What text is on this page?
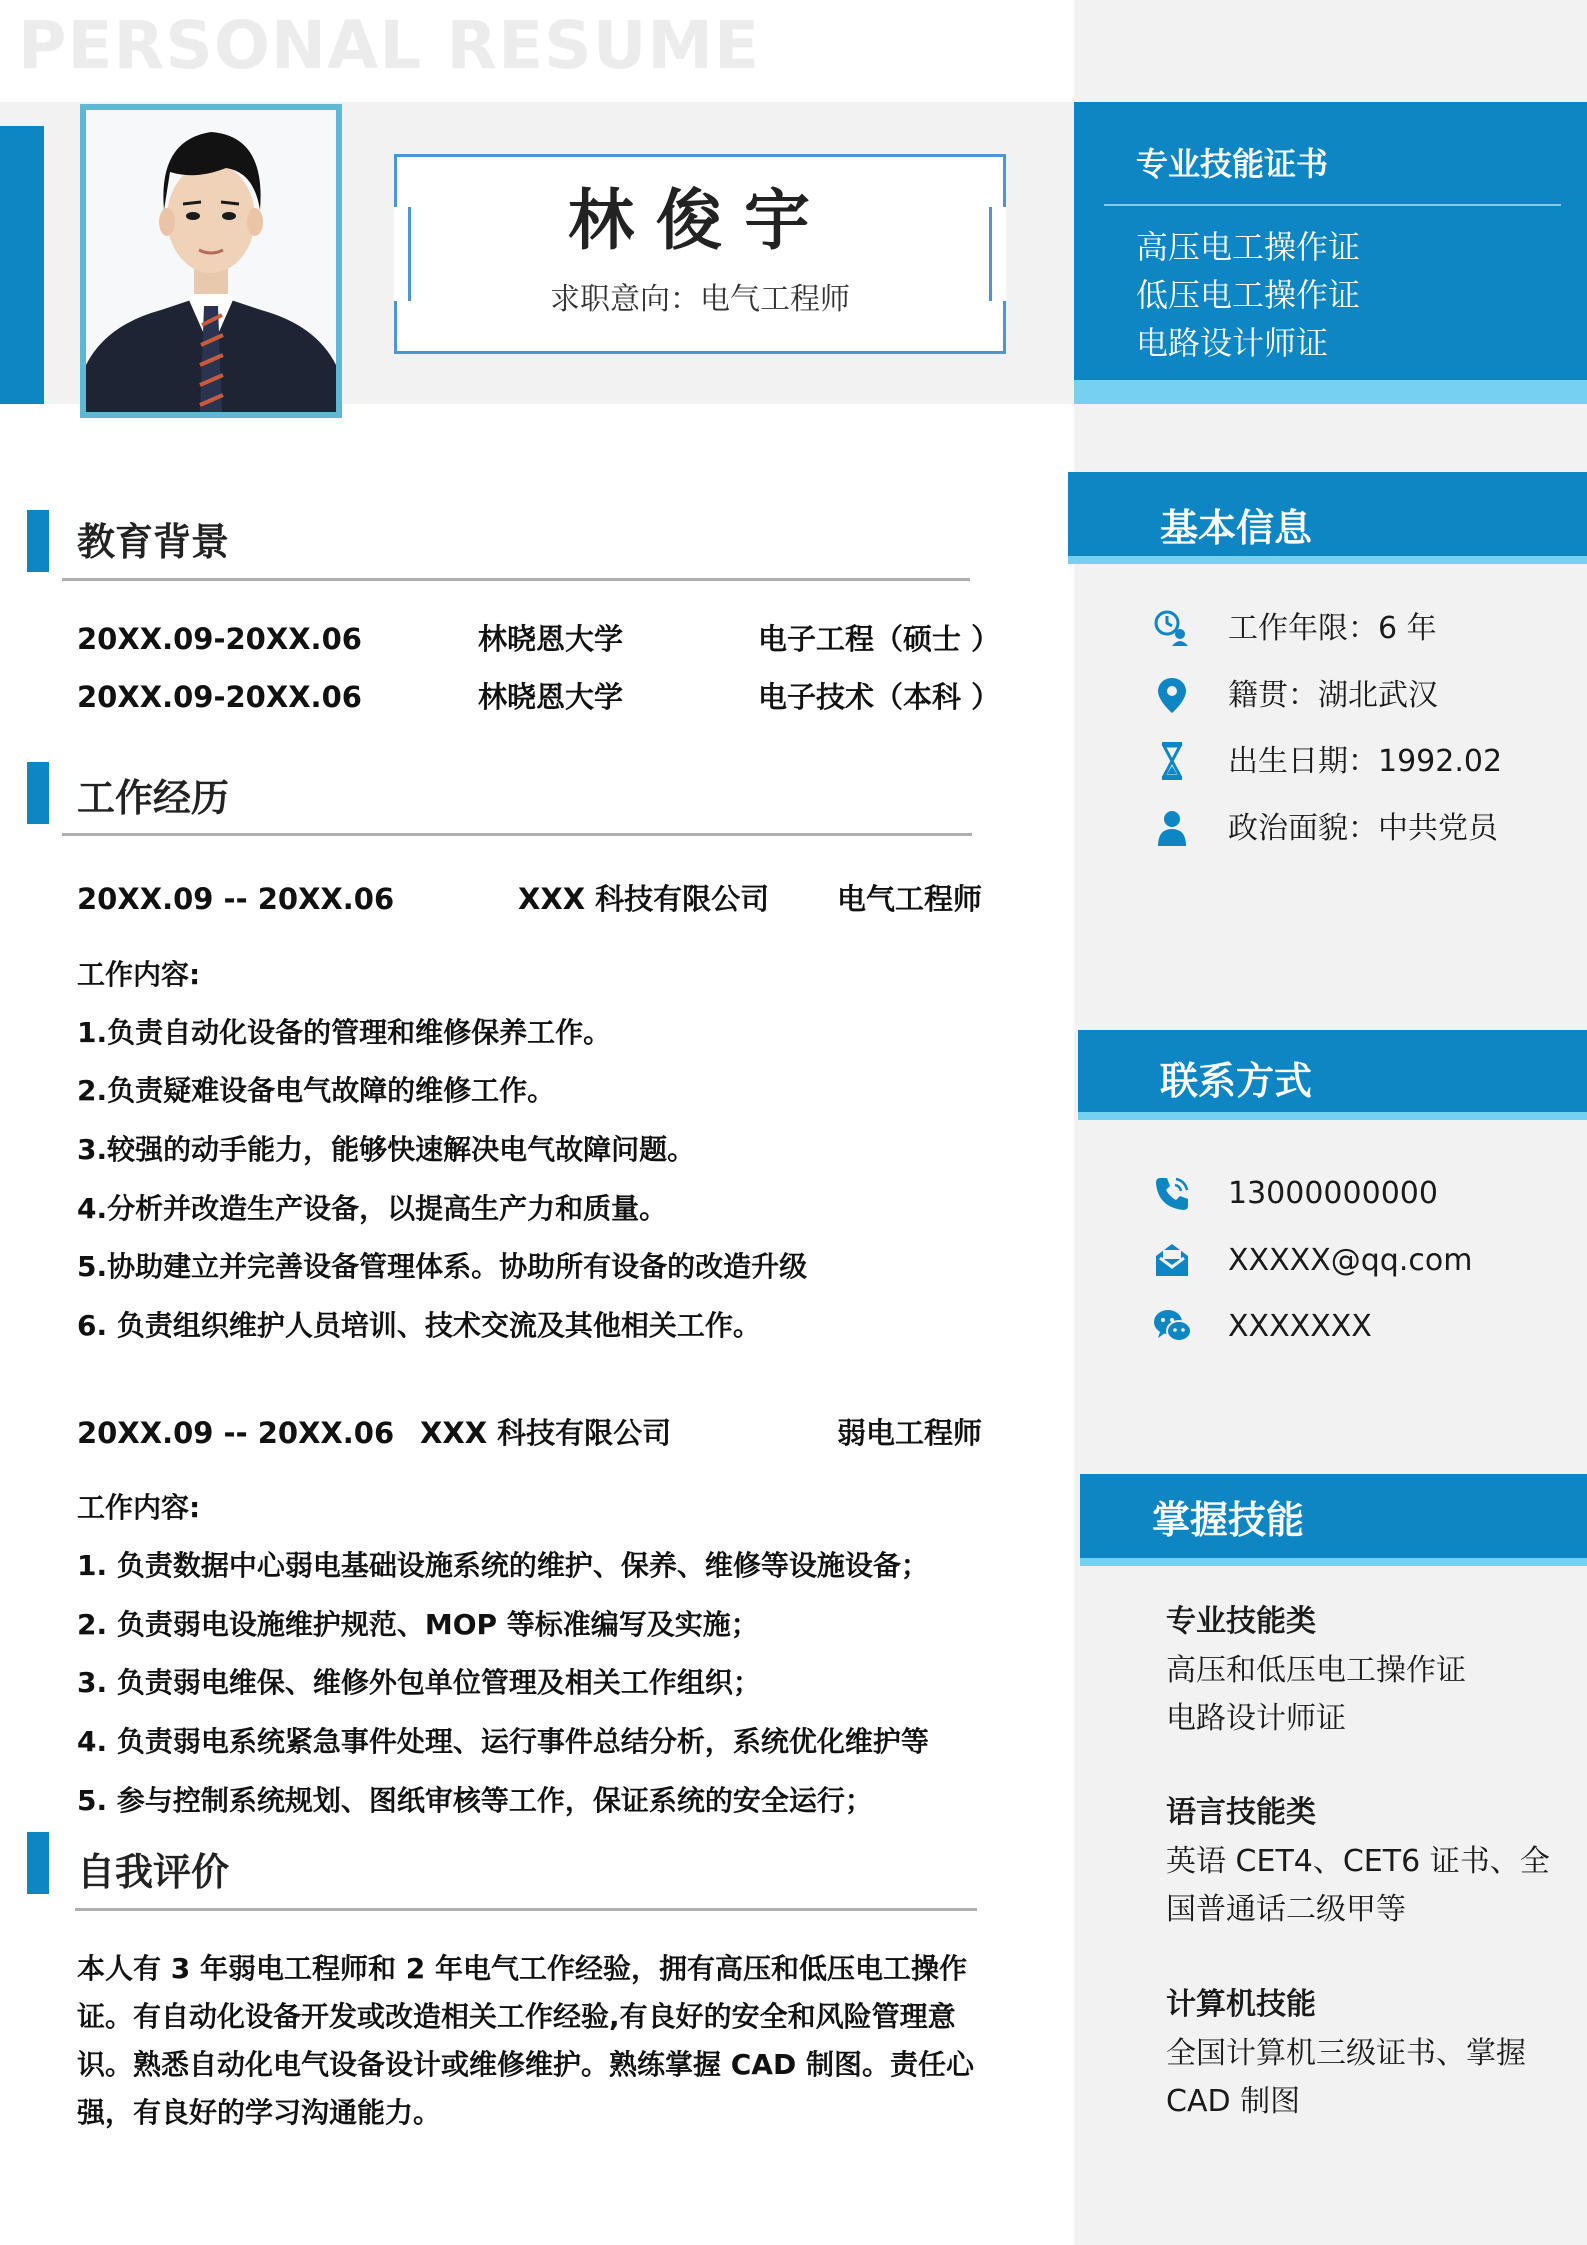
PERSONAL RESUME
林俊宇
求职意向：电气工程师
专业技能证书
高压电工操作证
低压电工操作证
电路设计师证
教育背景
20XX.09-20XX.06	林晓恩大学	电子工程（硕士 ）
20XX.09-20XX.06	林晓恩大学	电子技术（本科 ）
工作经历
20XX.09 -- 20XX.06	XXX 科技有限公司 电气工程师
工作内容:
1.负责自动化设备的管理和维修保养工作。
2.负责疑难设备电气故障的维修工作。
3.较强的动手能力，能够快速解决电气故障问题。
4.分析并改造生产设备，以提高生产力和质量。
5.协助建立并完善设备管理体系。协助所有设备的改造升级
6. 负责组织维护人员培训、技术交流及其他相关工作。
20XX.09 -- 20XX.06 XXX 科技有限公司	弱电工程师
工作内容:
1. 负责数据中心弱电基础设施系统的维护、保养、维修等设施设备；
2. 负责弱电设施维护规范、MOP 等标准编写及实施；
3. 负责弱电维保、维修外包单位管理及相关工作组织；
4. 负责弱电系统紧急事件处理、运行事件总结分析，系统优化维护等
5. 参与控制系统规划、图纸审核等工作，保证系统的安全运行；
自我评价
本人有 3 年弱电工程师和 2 年电气工作经验，拥有高压和低压电工操作证。有自动化设备开发或改造相关工作经验,有良好的安全和风险管理意识。熟悉自动化电气设备设计或维修维护。熟练掌握 CAD 制图。责任心强，有良好的学习沟通能力。
基本信息
工作年限：6 年
籍贯：湖北武汉
出生日期：1992.02
政治面貌：中共党员
联系方式
13000000000
XXXXX@qq.com
XXXXXXX
掌握技能
专业技能类
高压和低压电工操作证
电路设计师证
语言技能类
英语 CET4、CET6 证书、全
国普通话二级甲等
计算机技能
全国计算机三级证书、掌握
CAD 制图
